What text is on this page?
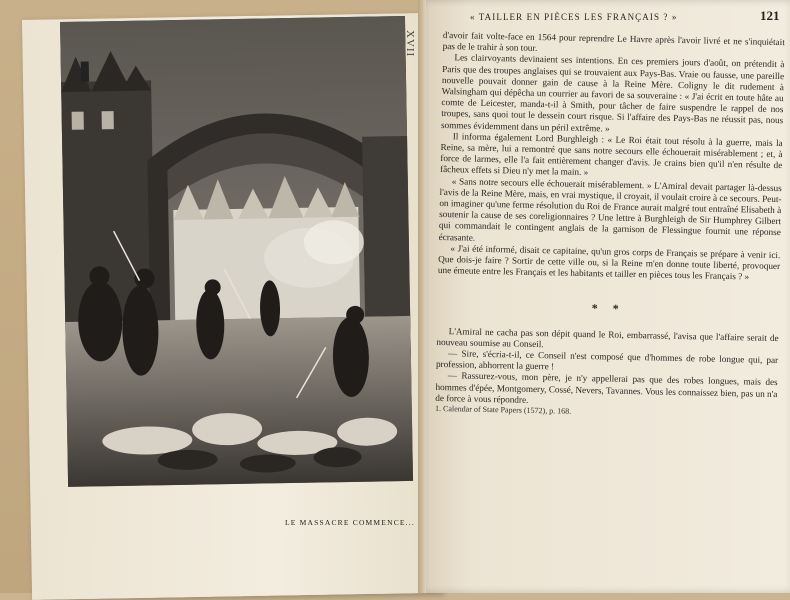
XVII
LE MASSACRE COMMENCE...
« TAILLER EN PIÈCES LES FRANÇAIS ? »	121

d'avoir fait volte-face en 1564 pour reprendre Le Havre après l'avoir livré et ne s'inquiétait pas de le trahir à son tour.

Les clairvoyants devinaient ses intentions. En ces premiers jours d'août, on prétendit à Paris que des troupes anglaises qui se trouvaient aux Pays-Bas. Vraie ou fausse, une pareille nouvelle pouvait donner gain de cause à la Reine Mère. Coligny le dit rudement à Walsingham qui dépêcha un courrier au favori de sa souveraine : « J'ai écrit en toute hâte au comte de Leicester, manda-t-il à Smith, pour tâcher de faire suspendre le rappel de nos troupes, sans quoi tout le dessein court risque. Si l'affaire des Pays-Bas ne réussit pas, nous sommes évidemment dans un péril extrême. »

Il informa également Lord Burghleigh : « Le Roi était tout résolu à la guerre, mais la Reine, sa mère, lui a remontré que sans notre secours elle échouerait misérablement ; et, à force de larmes, elle l'a fait entièrement changer d'avis. Je crains bien qu'il n'en résulte de fâcheux effets si Dieu n'y met la main. »

« Sans notre secours elle échouerait misérablement. » L'Amiral devait partager là-dessus l'avis de la Reine Mère, mais, en vrai mystique, il croyait, il voulait croire à ce secours. Peut-on imaginer qu'une ferme résolution du Roi de France aurait malgré tout entraîné Elisabeth à soutenir la cause de ses coreligionnaires ? Une lettre à Burghleigh de Sir Humphrey Gilbert qui commandait le contingent anglais de la garnison de Flessingue fournit une réponse écrasante.

« J'ai été informé, disait ce capitaine, qu'un gros corps de Français se prépare à venir ici. Que dois-je faire ? Sortir de cette ville ou, si la Reine m'en donne toute liberté, provoquer une émeute entre les Français et les habitants et tailler en pièces tous les Français ? »

* *

L'Amiral ne cacha pas son dépit quand le Roi, embarrassé, l'avisa que l'affaire serait de nouveau soumise au Conseil.

— Sire, s'écria-t-il, ce Conseil n'est composé que d'hommes de robe longue qui, par profession, abhorrent la guerre !

— Rassurez-vous, mon père, je n'y appellerai pas que des robes longues, mais des hommes d'épée, Montgomery, Cossé, Nevers, Tavannes. Vous les connaissez bien, pas un n'a de force à vous répondre.

1. Calendar of State Papers (1572), p. 168.
